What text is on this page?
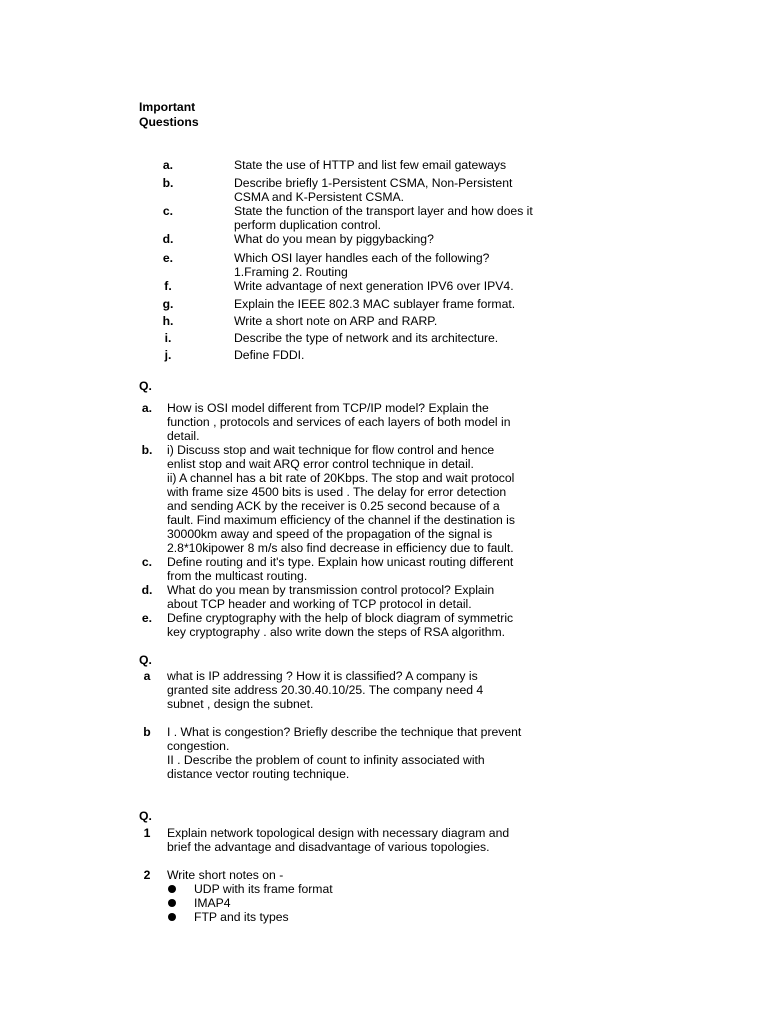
Important Questions
a.	State the use of HTTP and list few email gateways
b.	Describe briefly 1-Persistent CSMA, Non-Persistent
CSMA and K-Persistent CSMA.
c.	State the function of the transport layer and how does it
perform duplication control.
d.	What do you mean by piggybacking?
e.	Which OSI layer handles each of the following?
1.Framing 2. Routing
f.	Write advantage of next generation IPV6 over IPV4.
g.	Explain the IEEE 802.3 MAC sublayer frame format.
h.	Write a short note on ARP and RARP.
i.	Describe the type of network and its architecture.
j.	Define FDDI.
Q.
a. How is OSI model different from TCP/IP model? Explain the
function , protocols and services of each layers of both model in
detail.
b. i) Discuss stop and wait technique for flow control and hence
enlist stop and wait ARQ error control technique in detail.
ii) A channel has a bit rate of 20Kbps. The stop and wait protocol
with frame size 4500 bits is used . The delay for error detection
and sending ACK by the receiver is 0.25 second because of a
fault. Find maximum efficiency of the channel if the destination is
30000km away and speed of the propagation of the signal is
2.8*10kipower 8 m/s also find decrease in efficiency due to fault.
c. Define routing and it's type. Explain how unicast routing different
from the multicast routing.
d. What do you mean by transmission control protocol? Explain
about TCP header and working of TCP protocol in detail.
e. Define cryptography with the help of block diagram of symmetric
key cryptography . also write down the steps of RSA algorithm.
Q.
a what is IP addressing ? How it is classified? A company is
granted site address 20.30.40.10/25. The company need 4
subnet , design the subnet.
b I . What is congestion? Briefly describe the technique that prevent
congestion.
II . Describe the problem of count to infinity associated with
distance vector routing technique.
Q.
1 Explain network topological design with necessary diagram and
brief the advantage and disadvantage of various topologies.
2 Write short notes on -
UDP with its frame format
IMAP4
FTP and its types
